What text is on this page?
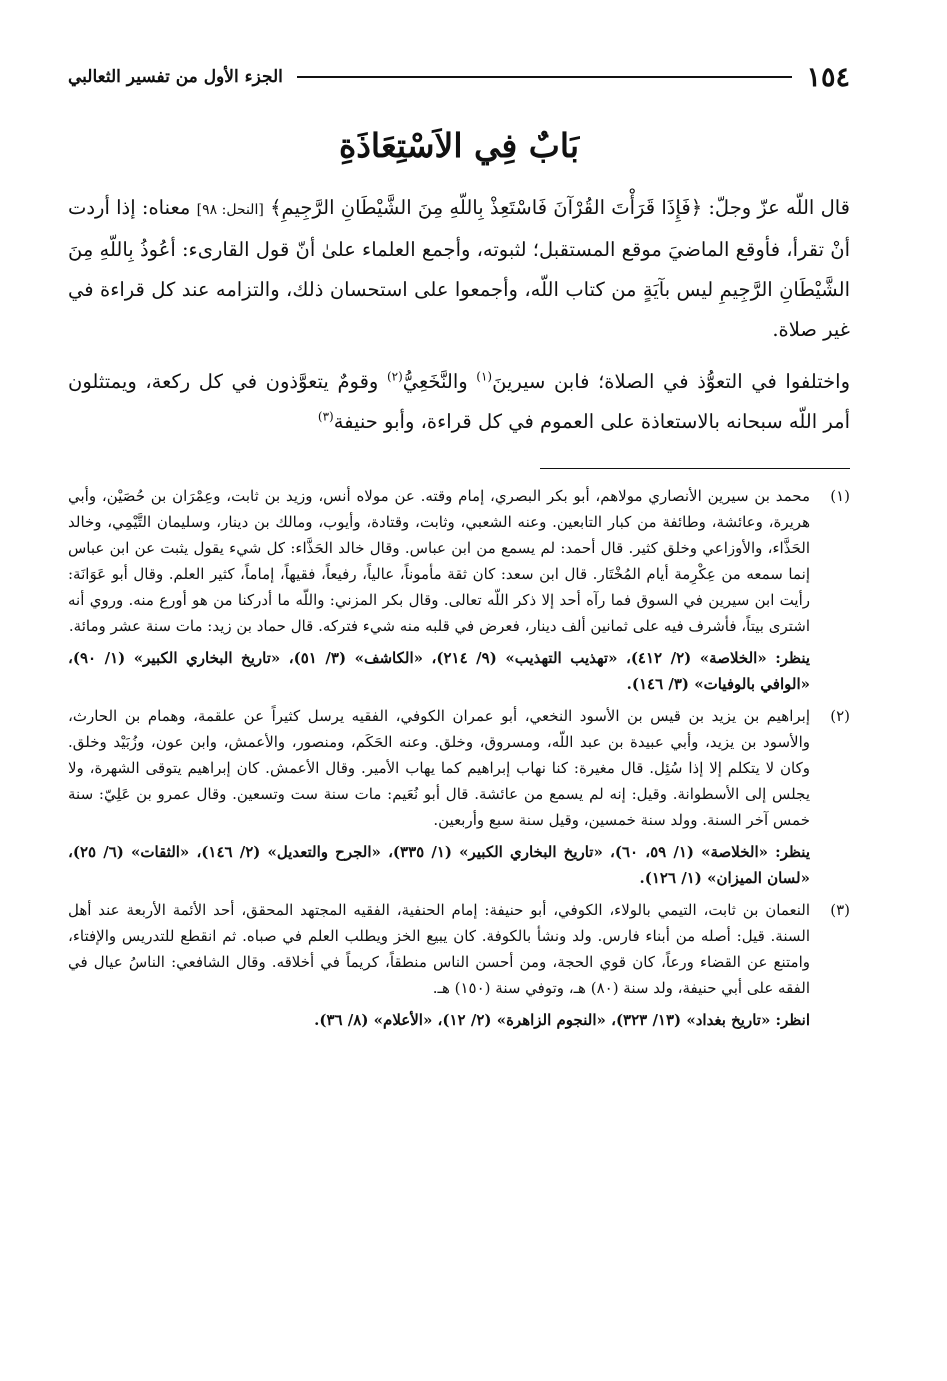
١٥٤
الجزء الأول من تفسير الثعالبي
بَابٌ فِي الاَسْتِعَاذَةِ

قال اللّه عزّ وجلّ: ﴿فَإِذَا قَرَأْتَ القُرْآنَ فَاسْتَعِذْ بِاللّهِ مِنَ الشَّيْطَانِ الرَّجِيمِ﴾ [النحل: ٩٨] معناه: إذا أردت أنْ تقرأ، فأوقع الماضيَ موقع المستقبل؛ لثبوته، وأجمع العلماء علىٰ أنّ قول القارىء: أعُوذُ بِاللّهِ مِنَ الشَّيْطَانِ الرَّجِيمِ ليس بآيَةٍ من كتاب اللّه، وأجمعوا على استحسان ذلك، والتزامه عند كل قراءة في غير صلاة.

واختلفوا في التعوُّذ في الصلاة؛ فابن سيرينَ$^{(١)}$ والنَّخَعِيُّ$^{(٢)}$ وقومٌ يتعوَّذون في كل ركعة، ويمتثلون أمر اللّه سبحانه بالاستعاذة على العموم في كل قراءة، وأبو حنيفة$^{(٣)}$

(١)

محمد بن سيرين الأنصاري مولاهم، أبو بكر البصري، إمام وقته. عن مولاه أنس، وزيد بن ثابت، وعِمْرَان بن حُصَيْن، وأبي هريرة، وعائشة، وطائفة من كبار التابعين. وعنه الشعبي، وثابت، وقتادة، وأيوب، ومالك بن دينار، وسليمان التَّيْمِي، وخالد الحَذَّاء، والأوزاعي وخلق كثير. قال أحمد: لم يسمع من ابن عباس. وقال خالد الحَذَّاء: كل شيء يقول يثبت عن ابن عباس إنما سمعه من عِكْرِمة أيام المُخْتَار. قال ابن سعد: كان ثقة مأموناً، عالياً، رفيعاً، فقيهاً، إماماً، كثير العلم. وقال أبو عَوَانَة: رأيت ابن سيرين في السوق فما رآه أحد إلا ذكر اللّه تعالى. وقال بكر المزني: واللّه ما أدركنا من هو أورع منه. وروي أنه اشترى بيتاً، فأشرف فيه على ثمانين ألف دينار، فعرض في قلبه منه شيء فتركه. قال حماد بن زيد: مات سنة عشر ومائة.

ينظر: «الخلاصة» (٢/ ٤١٢)، «تهذيب التهذيب» (٩/ ٢١٤)، «الكاشف» (٣/ ٥١)، «تاريخ البخاري الكبير» (١/ ٩٠)، «الوافي بالوفيات» (٣/ ١٤٦).

(٢)

إبراهيم بن يزيد بن قيس بن الأسود النخعي، أبو عمران الكوفي، الفقيه يرسل كثيراً عن علقمة، وهمام بن الحارث، والأسود بن يزيد، وأبي عبيدة بن عبد اللّه، ومسروق، وخلق. وعنه الحَكَم، ومنصور، والأعمش، وابن عون، وزُبَيْد وخلق. وكان لا يتكلم إلا إذا سُئِل. قال مغيرة: كنا نهاب إبراهيم كما يهاب الأمير. وقال الأعمش. كان إبراهيم يتوقى الشهرة، ولا يجلس إلى الأسطوانة. وقيل: إنه لم يسمع من عائشة. قال أبو نُعَيم: مات سنة ست وتسعين. وقال عمرو بن عَلِيّ: سنة خمس آخر السنة. وولد سنة خمسين، وقيل سنة سبع وأربعين.

ينظر: «الخلاصة» (١/ ٥٩، ٦٠)، «تاريخ البخاري الكبير» (١/ ٣٣٥)، «الجرح والتعديل» (٢/ ١٤٦)، «الثقات» (٦/ ٢٥)، «لسان الميزان» (١/ ١٢٦).

(٣)

النعمان بن ثابت، التيمي بالولاء، الكوفي، أبو حنيفة: إمام الحنفية، الفقيه المجتهد المحقق، أحد الأئمة الأربعة عند أهل السنة. قيل: أصله من أبناء فارس. ولد ونشأ بالكوفة. كان يبيع الخز ويطلب العلم في صباه. ثم انقطع للتدريس والإفتاء، وامتنع عن القضاء ورعاً، كان قوي الحجة، ومن أحسن الناس منطقاً، كريماً في أخلاقه. وقال الشافعي: الناسُ عيال في الفقه على أبي حنيفة، ولد سنة (٨٠) هـ، وتوفي سنة (١٥٠) هـ.

انظر: «تاريخ بغداد» (١٣/ ٣٢٣)، «النجوم الزاهرة» (٢/ ١٢)، «الأعلام» (٨/ ٣٦).
